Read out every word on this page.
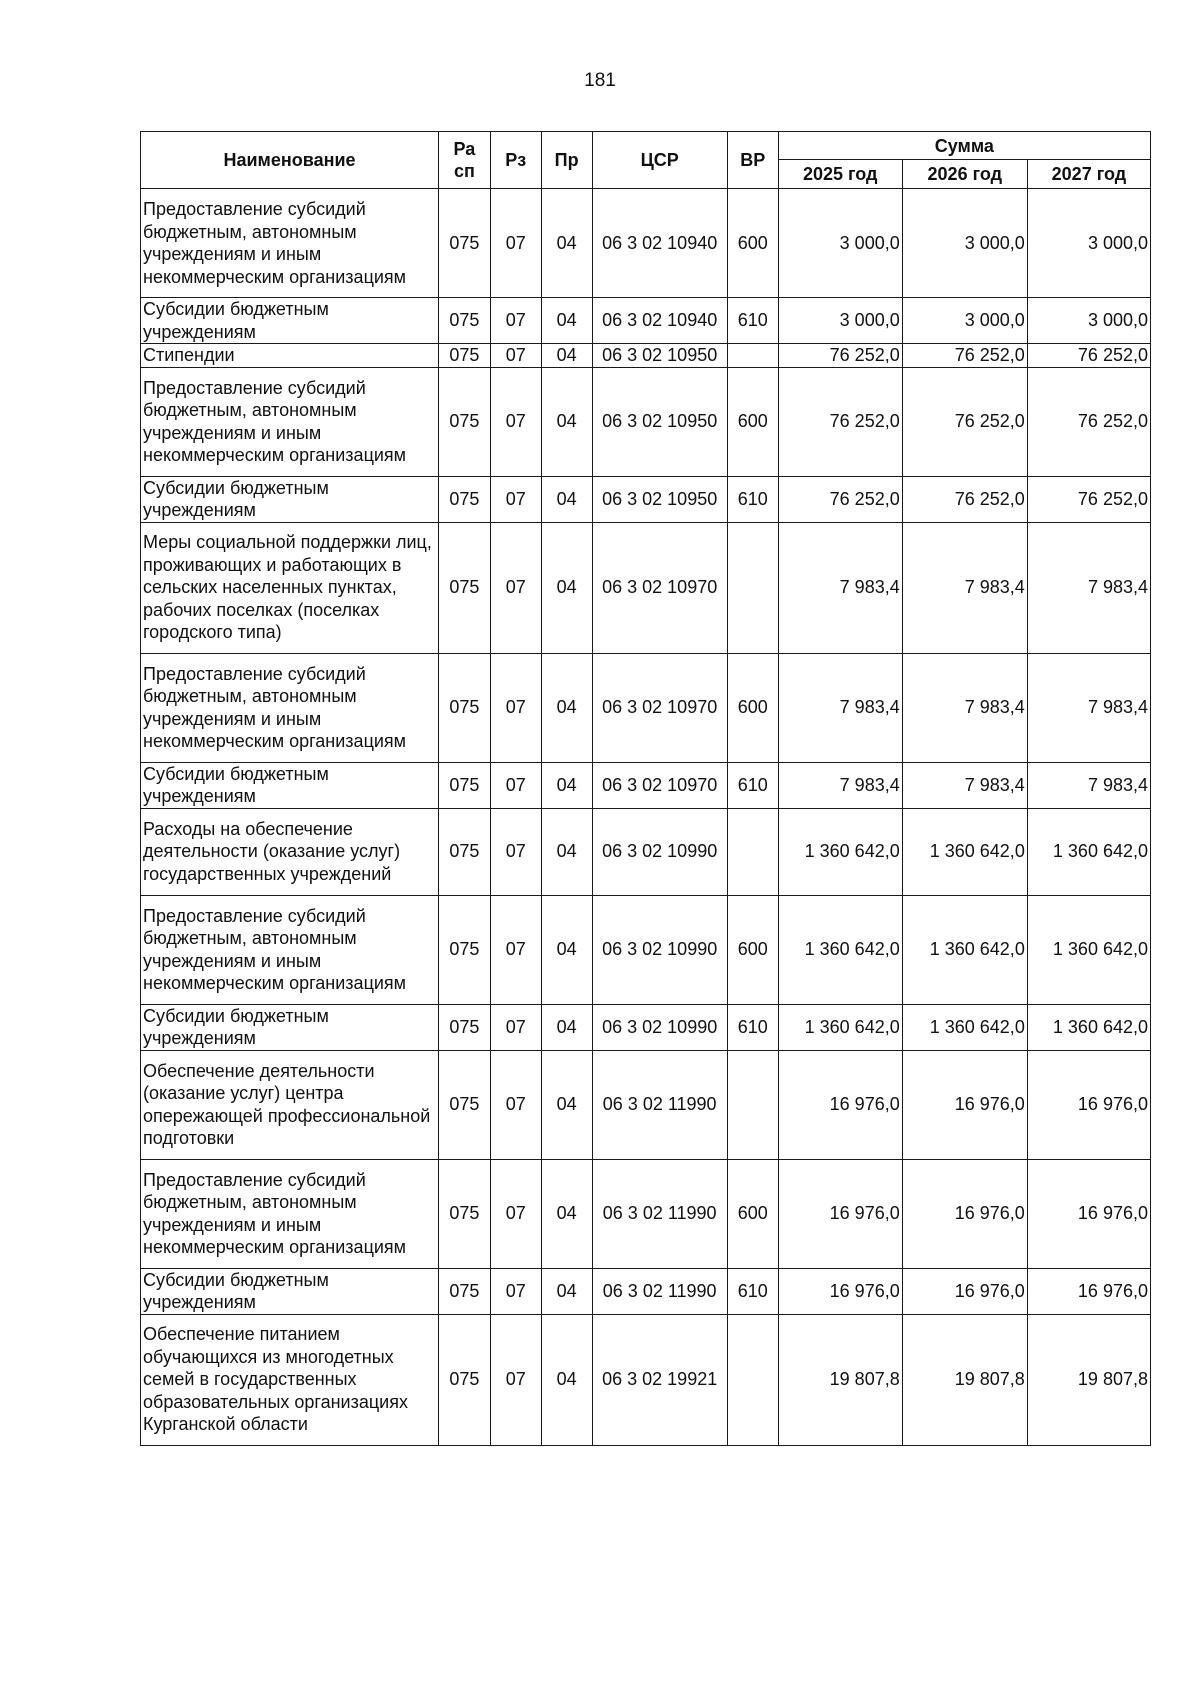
181
Наименование	Ра сп	Рз	Пр	ЦСР	ВР	Сумма		
						2025 год	2026 год	2027 год
Предоставление субсидий бюджетным, автономным учреждениям и иным некоммерческим организациям	075	07	04	06 3 02 10940	600	3 000,0	3 000,0	3 000,0
Субсидии бюджетным учреждениям	075	07	04	06 3 02 10940	610	3 000,0	3 000,0	3 000,0
Стипендии	075	07	04	06 3 02 10950		76 252,0	76 252,0	76 252,0
Предоставление субсидий бюджетным, автономным учреждениям и иным некоммерческим организациям	075	07	04	06 3 02 10950	600	76 252,0	76 252,0	76 252,0
Субсидии бюджетным учреждениям	075	07	04	06 3 02 10950	610	76 252,0	76 252,0	76 252,0
Меры социальной поддержки лиц, проживающих и работающих в сельских населенных пунктах, рабочих поселках (поселках городского типа)	075	07	04	06 3 02 10970		7 983,4	7 983,4	7 983,4
Предоставление субсидий бюджетным, автономным учреждениям и иным некоммерческим организациям	075	07	04	06 3 02 10970	600	7 983,4	7 983,4	7 983,4
Субсидии бюджетным учреждениям	075	07	04	06 3 02 10970	610	7 983,4	7 983,4	7 983,4
Расходы на обеспечение деятельности (оказание услуг) государственных учреждений	075	07	04	06 3 02 10990		1 360 642,0	1 360 642,0	1 360 642,0
Предоставление субсидий бюджетным, автономным учреждениям и иным некоммерческим организациям	075	07	04	06 3 02 10990	600	1 360 642,0	1 360 642,0	1 360 642,0
Субсидии бюджетным учреждениям	075	07	04	06 3 02 10990	610	1 360 642,0	1 360 642,0	1 360 642,0
Обеспечение деятельности (оказание услуг) центра опережающей профессиональной подготовки	075	07	04	06 3 02 11990		16 976,0	16 976,0	16 976,0
Предоставление субсидий бюджетным, автономным учреждениям и иным некоммерческим организациям	075	07	04	06 3 02 11990	600	16 976,0	16 976,0	16 976,0
Субсидии бюджетным учреждениям	075	07	04	06 3 02 11990	610	16 976,0	16 976,0	16 976,0
Обеспечение питанием обучающихся из многодетных семей в государственных образовательных организациях Курганской области	075	07	04	06 3 02 19921		19 807,8	19 807,8	19 807,8
